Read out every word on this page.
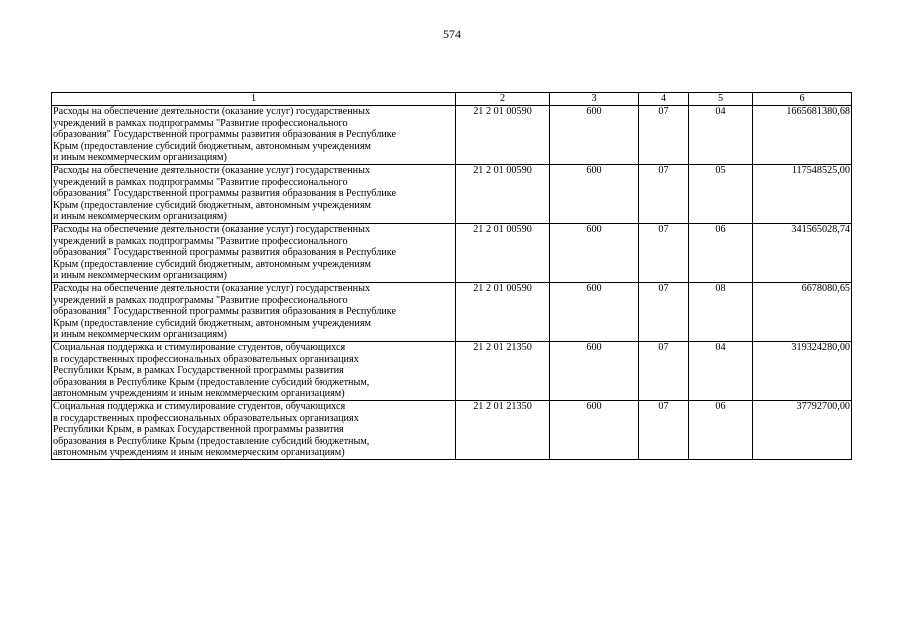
574
1	2	3	4	5	6
Расходы на обеспечение деятельности (оказание услуг) государственных
учреждений в рамках подпрограммы "Развитие профессионального
образования" Государственной программы развития образования в Республике
Крым (предоставление субсидий бюджетным, автономным учреждениям
и иным некоммерческим организациям)	21 2 01 00590	600	07	04	1665681380,68
Расходы на обеспечение деятельности (оказание услуг) государственных
учреждений в рамках подпрограммы "Развитие профессионального
образования" Государственной программы развития образования в Республике
Крым (предоставление субсидий бюджетным, автономным учреждениям
и иным некоммерческим организациям)	21 2 01 00590	600	07	05	117548525,00
Расходы на обеспечение деятельности (оказание услуг) государственных
учреждений в рамках подпрограммы "Развитие профессионального
образования" Государственной программы развития образования в Республике
Крым (предоставление субсидий бюджетным, автономным учреждениям
и иным некоммерческим организациям)	21 2 01 00590	600	07	06	341565028,74
Расходы на обеспечение деятельности (оказание услуг) государственных
учреждений в рамках подпрограммы "Развитие профессионального
образования" Государственной программы развития образования в Республике
Крым (предоставление субсидий бюджетным, автономным учреждениям
и иным некоммерческим организациям)	21 2 01 00590	600	07	08	6678080,65
Социальная поддержка и стимулирование студентов, обучающихся
в государственных профессиональных образовательных организациях
Республики Крым, в рамках Государственной программы развития
образования в Республике Крым (предоставление субсидий бюджетным,
автономным учреждениям и иным некоммерческим организациям)	21 2 01 21350	600	07	04	319324280,00
Социальная поддержка и стимулирование студентов, обучающихся
в государственных профессиональных образовательных организациях
Республики Крым, в рамках Государственной программы развития
образования в Республике Крым (предоставление субсидий бюджетным,
автономным учреждениям и иным некоммерческим организациям)	21 2 01 21350	600	07	06	37792700,00
